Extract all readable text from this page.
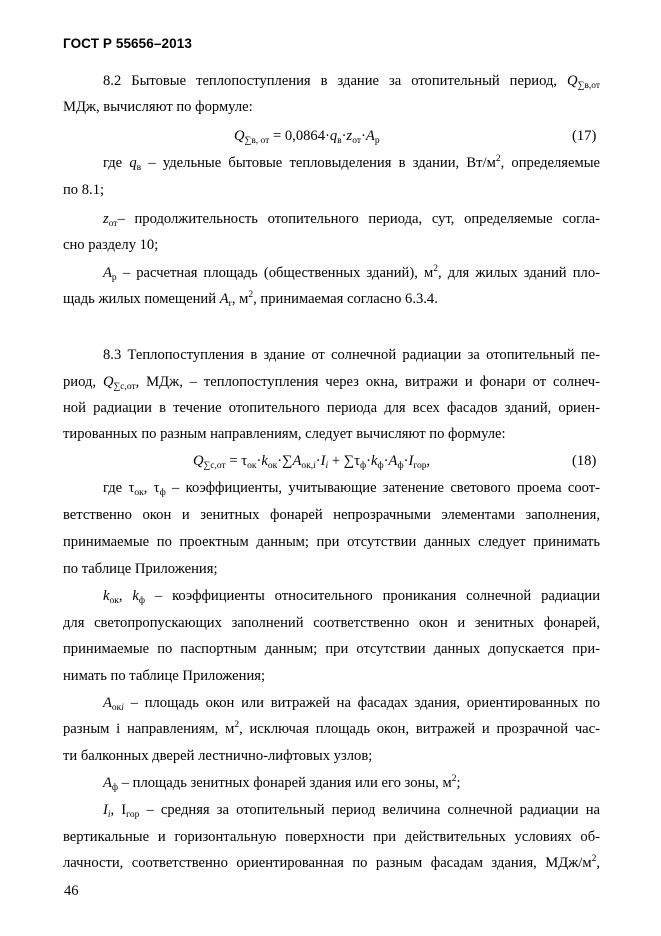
ГОСТ Р 55656–2013
8.2 Бытовые теплопоступления в здание за отопительный период, $Q_{\sum в,от}$
МДж, вычисляют по формуле:
$Q_{\sum в, от} = 0,0864\cdot q_в\cdot z_{от}\cdot A_р$	(17)
где $q_в$ – удельные бытовые тепловыделения в здании, $Вт/м^2$, определяемые
по 8.1;
$z_{от}-$ продолжительность отопительного периода, сут, определяемые согла-
сно разделу 10;
$A_р$ – расчетная площадь (общественных зданий), $м^2$, для жилых зданий пло-
щадь жилых помещений $A_r$, $м^2$, принимаемая согласно 6.3.4.
8.3 Теплопоступления в здание от солнечной радиации за отопительный пе-
риод, $Q_{\sum с,от}$, МДж, – теплопоступления через окна, витражи и фонари от солнеч-
ной радиации в течение отопительного периода для всех фасадов зданий, ориен-
тированных по разным направлениям, следует вычисляют по формуле:
$Q_{\sum с,от} = \tau_{ок}\cdot k_{ок}\cdot\sum A_{ок,i}\cdot I_i + \sum\tau_ф\cdot k_ф\cdot A_ф\cdot I_{гор}$,	(18)
где $\tau_{ок}$, $\tau_ф$ – коэффициенты, учитывающие затенение светового проема соот-
ветственно окон и зенитных фонарей непрозрачными элементами заполнения,
принимаемые по проектным данным; при отсутствии данных следует принимать
по таблице Приложения;
$k_{ок}$, $k_ф$ – коэффициенты относительного проникания солнечной радиации
для светопропускающих заполнений соответственно окон и зенитных фонарей,
принимаемые по паспортным данным; при отсутствии данных допускается при-
нимать по таблице Приложения;
$A_{окi}$ – площадь окон или витражей на фасадах здания, ориентированных по
разным i направлениям, $м^2$, исключая площадь окон, витражей и прозрачной час-
ти балконных дверей лестнично-лифтовых узлов;
$A_ф$ – площадь зенитных фонарей здания или его зоны, $м^2$;
$I_i$, $I_{гор}$ – средняя за отопительный период величина солнечной радиации на
вертикальные и горизонтальную поверхности при действительных условиях об-
лачности, соответственно ориентированная по разным фасадам здания, МДж/$м^2$,
46
